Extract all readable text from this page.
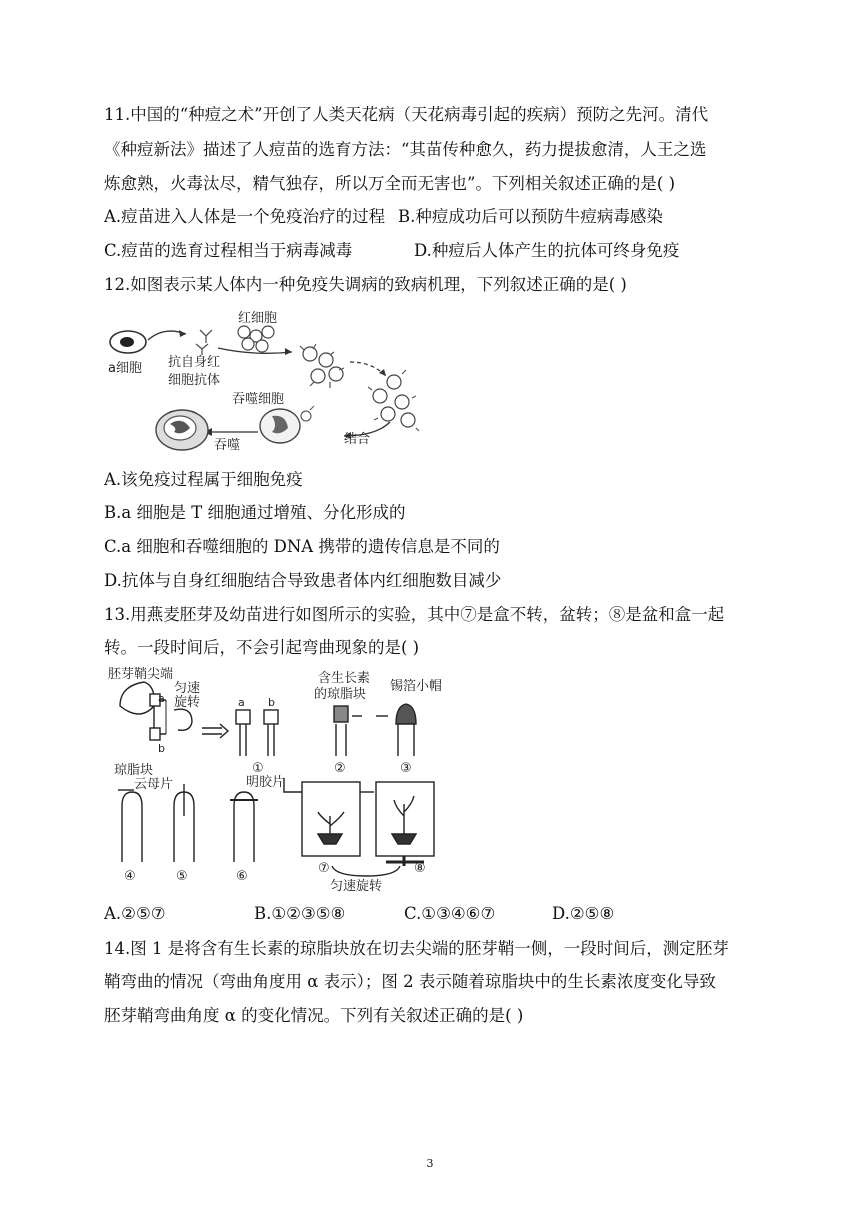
11.中国的“种痘之术”开创了人类天花病（天花病毒引起的疾病）预防之先河。清代
《种痘新法》描述了人痘苗的选育方法：“其苗传种愈久，药力提拔愈清，人王之选
炼愈熟，火毒汰尽，精气独存，所以万全而无害也”。下列相关叙述正确的是( )
A.痘苗进入人体是一个免疫治疗的过程 B.种痘成功后可以预防牛痘病毒感染
C.痘苗的选育过程相当于病毒减毒	D.种痘后人体产生的抗体可终身免疫
12.如图表示某人体内一种免疫失调病的致病机理，下列叙述正确的是( )
a细胞 抗自身红
细胞抗体
红细胞
结合
吞噬细胞
吞噬
A.该免疫过程属于细胞免疫
B.a 细胞是 T 细胞通过增殖、分化形成的
C.a 细胞和吞噬细胞的 DNA 携带的遗传信息是不同的
D.抗体与自身红细胞结合导致患者体内红细胞数目减少
13.用燕麦胚芽及幼苗进行如图所示的实验，其中⑦是盒不转，盆转；⑧是盆和盒一起
转。一段时间后，不会引起弯曲现象的是( )
胚芽鞘尖端
匀速
旋转
a
b
a b
琼脂块
含生长素
的琼脂块
锡箔小帽
云母片	明胶片
匀速旋转
①	②	③
④	⑤	⑥
⑦	⑧
A.②⑤⑦	B.①②③⑤⑧	C.①③④⑥⑦	D.②⑤⑧
14.图 1 是将含有生长素的琼脂块放在切去尖端的胚芽鞘一侧，一段时间后，测定胚芽
鞘弯曲的情况（弯曲角度用 α 表示）；图 2 表示随着琼脂块中的生长素浓度变化导致
胚芽鞘弯曲角度 α 的变化情况。下列有关叙述正确的是( )
3
